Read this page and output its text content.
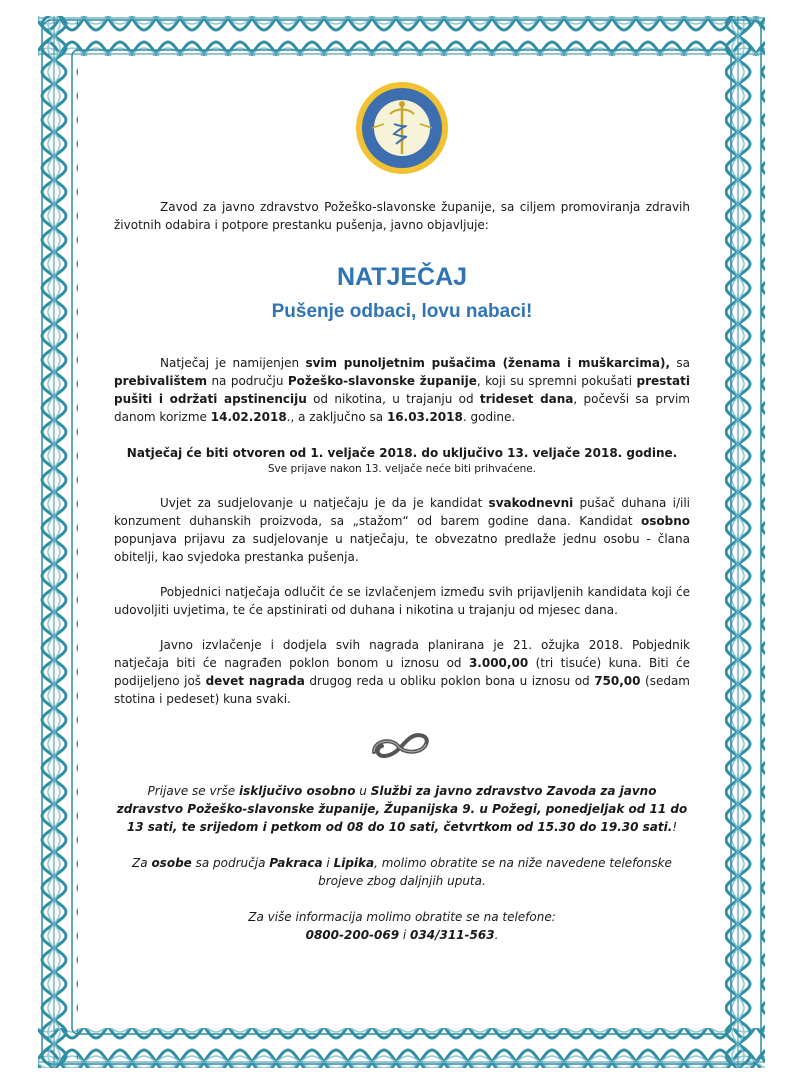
Zavod za javno zdravstvo Požeško-slavonske županije, sa ciljem promoviranja zdravih životnih odabira i potpore prestanku pušenja, javno objavljuje:

NATJEČAJ
Pušenje odbaci, lovu nabaci!

Natječaj je namijenjen svim punoljetnim pušačima (ženama i muškarcima), sa prebivalištem na području Požeško-slavonske županije, koji su spremni pokušati prestati pušiti i održati apstinenciju od nikotina, u trajanju od trideset dana, počevši sa prvim danom korizme 14.02.2018., a zaključno sa 16.03.2018. godine.

Natječaj će biti otvoren od 1. veljače 2018. do uključivo 13. veljače 2018. godine.

Sve prijave nakon 13. veljače neće biti prihvaćene.

Uvjet za sudjelovanje u natječaju je da je kandidat svakodnevni pušač duhana i/ili konzument duhanskih proizvoda, sa „stažom“ od barem godine dana. Kandidat osobno popunjava prijavu za sudjelovanje u natječaju, te obvezatno predlaže jednu osobu - člana obitelji, kao svjedoka prestanka pušenja.

Pobjednici natječaja odlučit će se izvlačenjem između svih prijavljenih kandidata koji će udovoljiti uvjetima, te će apstinirati od duhana i nikotina u trajanju od mjesec dana.

Javno izvlačenje i dodjela svih nagrada planirana je 21. ožujka 2018. Pobjednik natječaja biti će nagrađen poklon bonom u iznosu od 3.000,00 (tri tisuće) kuna. Biti će podijeljeno još devet nagrada drugog reda u obliku poklon bona u iznosu od 750,00 (sedam stotina i pedeset) kuna svaki.

Prijave se vrše isključivo osobno u Službi za javno zdravstvo Zavoda za javno zdravstvo Požeško-slavonske županije, Županijska 9. u Požegi, ponedjeljak od 11 do 13 sati, te srijedom i petkom od 08 do 10 sati, četvrtkom od 15.30 do 19.30 sati.!

Za osobe sa područja Pakraca i Lipika, molimo obratite se na niže navedene telefonske brojeve zbog daljnjih uputa.

Za više informacija molimo obratite se na telefone:
0800-200-069 i 034/311-563.
